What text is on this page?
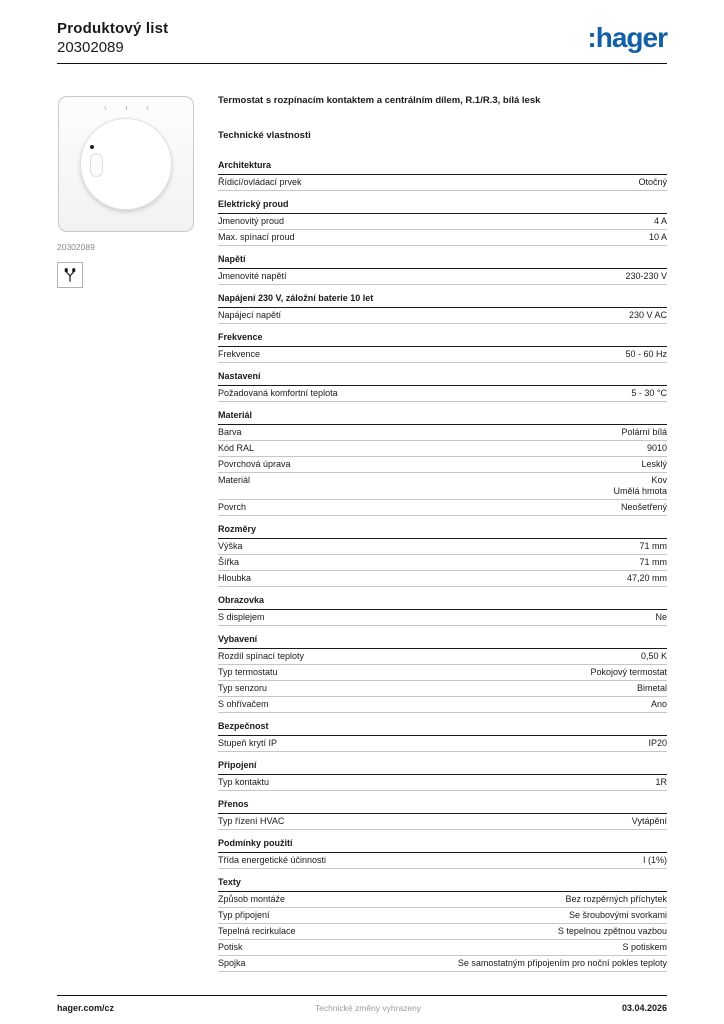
Produktový list
20302089	:hager
20302089
Termostat s rozpínacím kontaktem a centrálním dílem, R.1/R.3, bílá lesk
Technické vlastnosti
Architektura
Řídicí/ovládací prvek	Otočný
Elektrický proud
Jmenovitý proud	4 A
Max. spínací proud	10 A
Napětí
Jmenovité napětí	230-230 V
Napájení 230 V, záložní baterie 10 let
Napájecí napětí	230 V AC
Frekvence
Frekvence	50 - 60 Hz
Nastavení
Požadovaná komfortní teplota	5 - 30 °C
Materiál
Barva	Polární bílá
Kód RAL	9010
Povrchová úprava	Lesklý
Materiál	Kov
Umělá hmota
Povrch	Neošetřený
Rozměry
Výška	71 mm
Šířka	71 mm
Hloubka	47,20 mm
Obrazovka
S displejem	Ne
Vybavení
Rozdíl spínací teploty	0,50 K
Typ termostatu	Pokojový termostat
Typ senzoru	Bimetal
S ohřívačem	Ano
Bezpečnost
Stupeň krytí IP	IP20
Připojení
Typ kontaktu	1R
Přenos
Typ řízení HVAC	Vytápění
Podmínky použití
Třída energetické účinnosti	I (1%)
Texty
Způsob montáže	Bez rozpěrných příchytek
Typ připojení	Se šroubovými svorkami
Tepelná recirkulace	S tepelnou zpětnou vazbou
Potisk	S potiskem
Spojka	Se samostatným připojením pro noční pokles teploty
hager.com/cz	Technické změny vyhrazeny	03.04.2026
